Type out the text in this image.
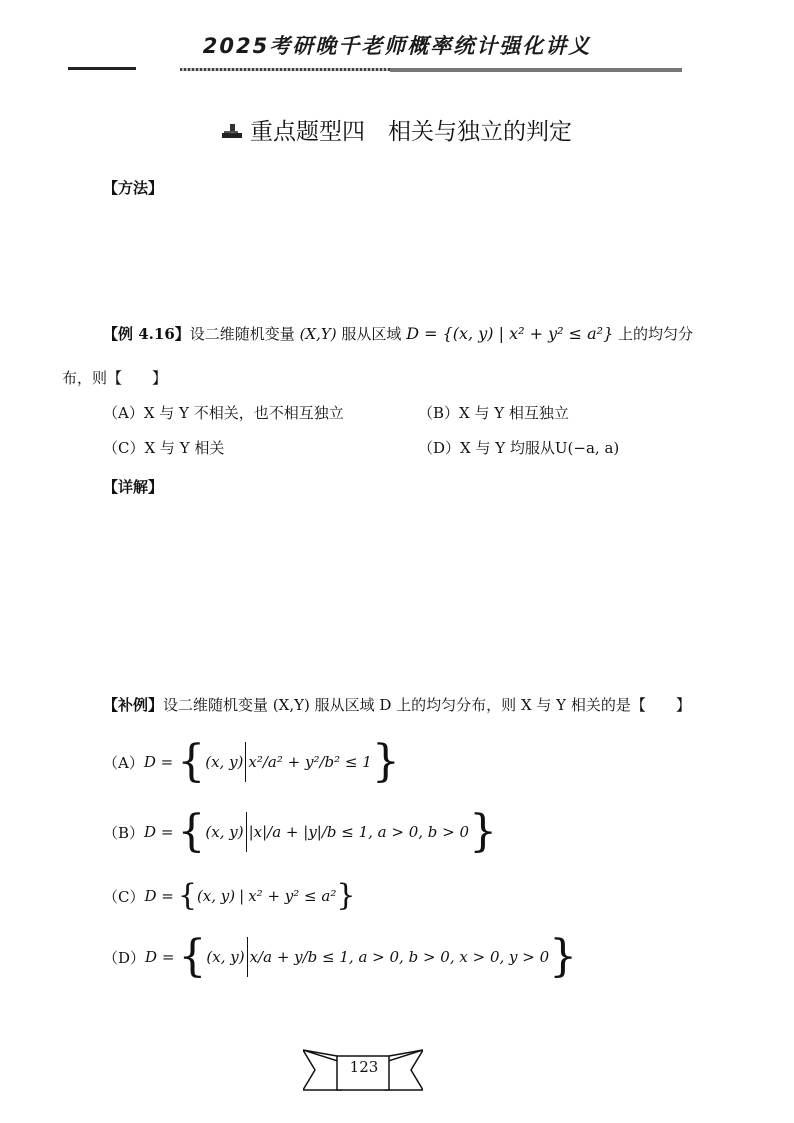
2025考研晚千老师概率统计强化讲义
重点题型四　相关与独立的判定
【方法】
【例 4.16】设二维随机变量 (X,Y) 服从区域 D = {(x, y) | x² + y² ≤ a²} 上的均匀分
布，则【　　】
（A）X 与 Y 不相关，也不相互独立	（B）X 与 Y 相互独立
（C）X 与 Y 相关	（D）X 与 Y 均服从U(−a, a)
【详解】
【补例】设二维随机变量 (X,Y) 服从区域 D 上的均匀分布，则 X 与 Y 相关的是【　　】
（A） D = { (x, y) x²/a² + y²/b² ≤ 1 }
（B） D = { (x, y) |x|/a + |y|/b ≤ 1, a > 0, b > 0 }
（C） D = { (x, y) | x² + y² ≤ a² }
（D） D = { (x, y) x/a + y/b ≤ 1, a > 0, b > 0, x > 0, y > 0 }
123
